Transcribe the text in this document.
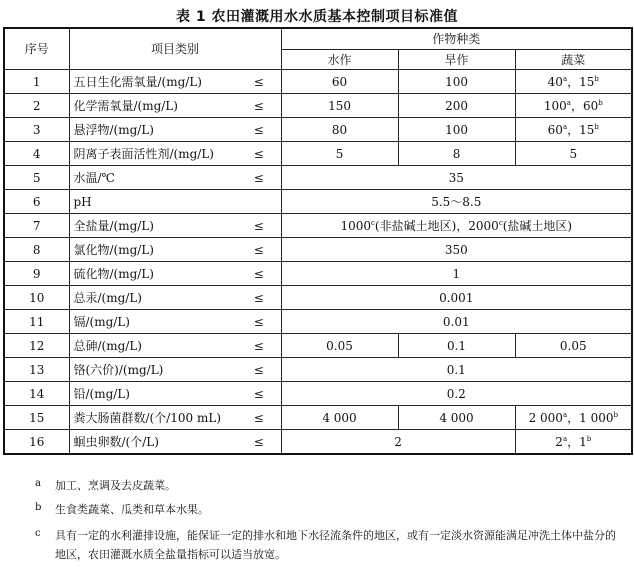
表 1 农田灌溉用水水质基本控制项目标准值
序号	项目类别		作物种类		
			水作	旱作	蔬菜
1	五日生化需氧量/(mg/L)	≤	60	100	40$^a$，15$^b$
2	化学需氧量/(mg/L)	≤	150	200	100$^a$，60$^b$
3	悬浮物/(mg/L)	≤	80	100	60$^a$，15$^b$
4	阴离子表面活性剂/(mg/L)	≤	5	8	5
5	水温/℃	≤	35		
6	pH		5.5～8.5		
7	全盐量/(mg/L)	≤	$1000^c$(非盐碱土地区)，2000$^c$(盐碱土地区)		
8	氯化物/(mg/L)	≤	350		
9	硫化物/(mg/L)	≤	1		
10	总汞/(mg/L)	≤	0.001		
11	镉/(mg/L)	≤	0.01		
12	总砷/(mg/L)	≤	0.05	0.1	0.05
13	铬(六价)/(mg/L)	≤	0.1		
14	铅/(mg/L)	≤	0.2		
15	粪大肠菌群数/(个/100 mL)	≤	4 000	4 000	2 000$^a$，1 000$^b$
16	蛔虫卵数/(个/L)	≤	2		2$^a$，1$^b$
a 加工、烹调及去皮蔬菜。
b 生食类蔬菜、瓜类和草本水果。
c 具有一定的水利灌排设施，能保证一定的排水和地下水径流条件的地区，或有一定淡水资源能满足冲洗土体中盐分的地区，农田灌溉水质全盐量指标可以适当放宽。
